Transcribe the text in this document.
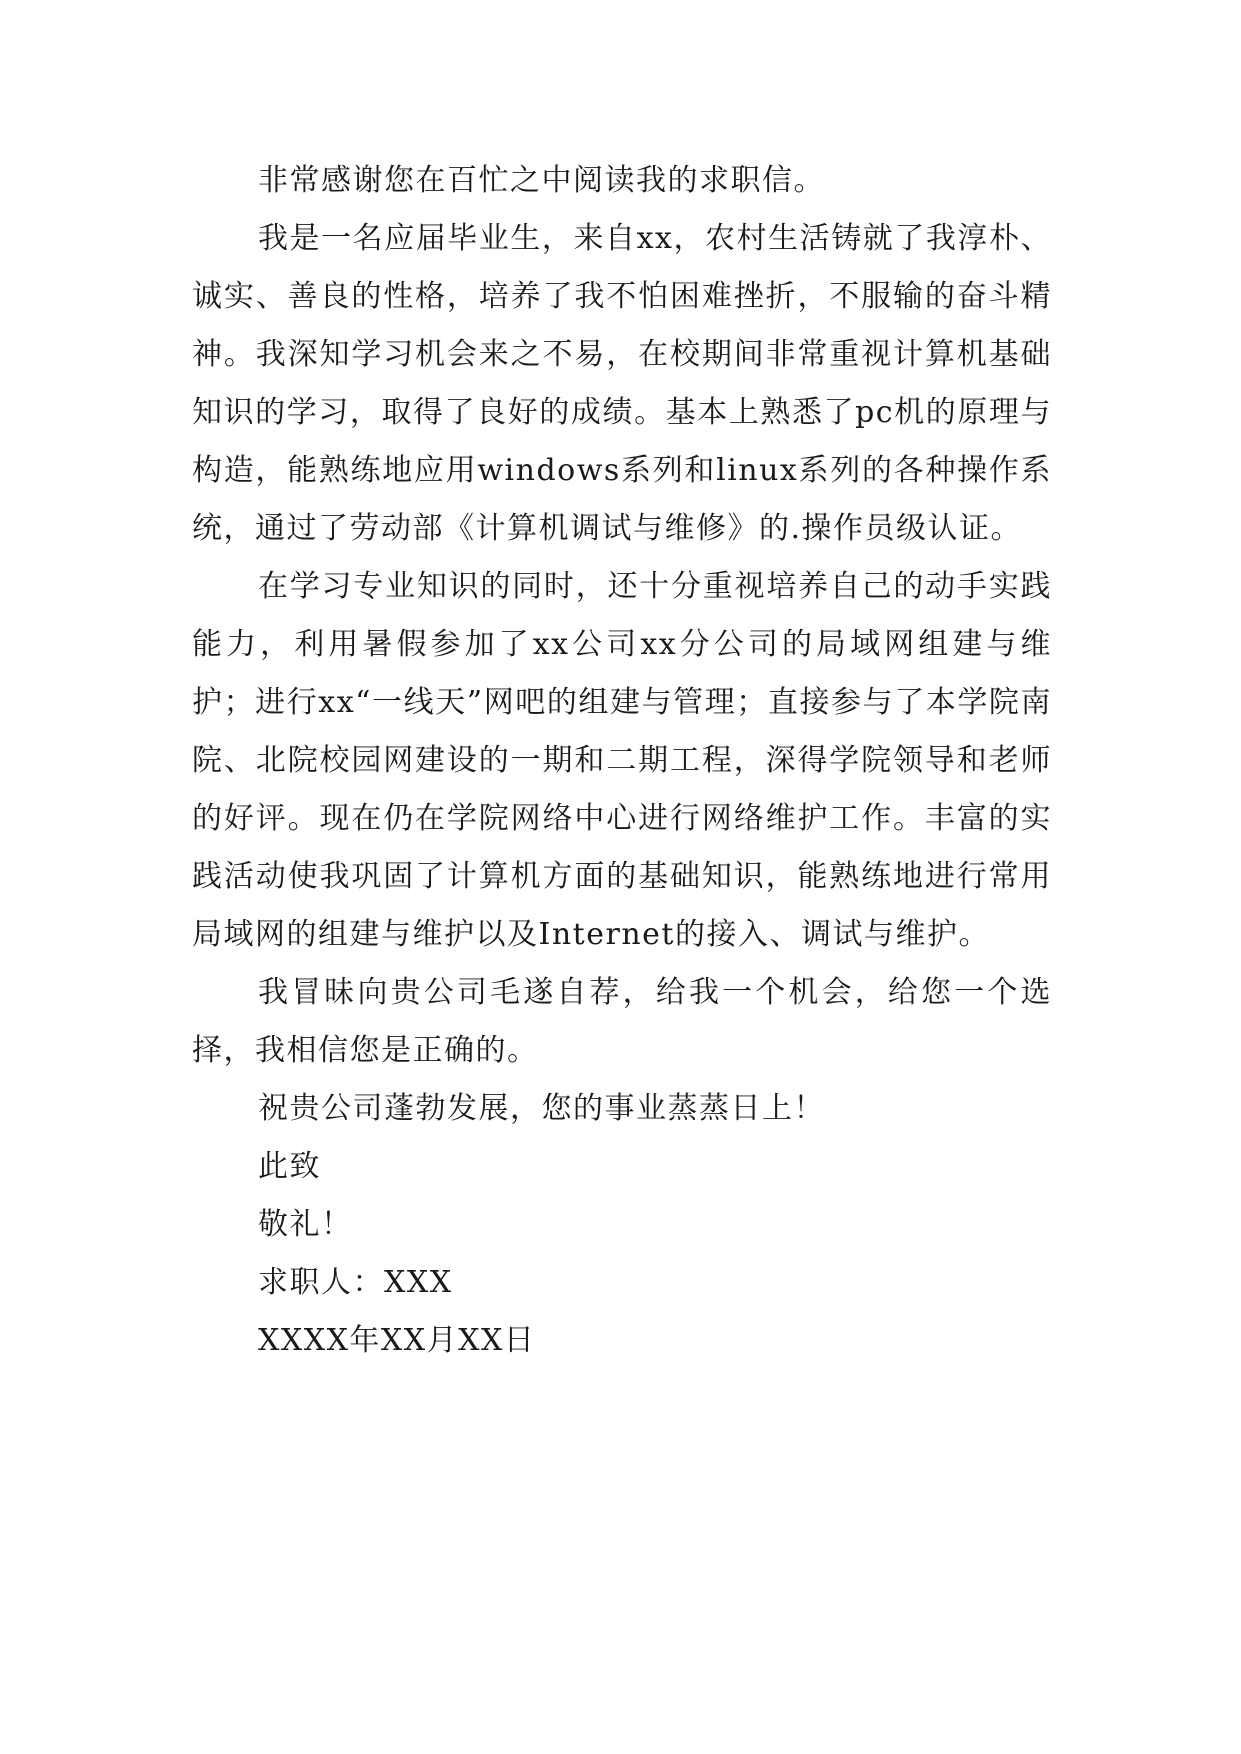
非常感谢您在百忙之中阅读我的求职信。

我是一名应届毕业生，来自xx，农村生活铸就了我淳朴、诚实、善良的性格，培养了我不怕困难挫折，不服输的奋斗精神。我深知学习机会来之不易，在校期间非常重视计算机基础知识的学习，取得了良好的成绩。基本上熟悉了pc机的原理与构造，能熟练地应用windows系列和linux系列的各种操作系统，通过了劳动部《计算机调试与维修》的.操作员级认证。

在学习专业知识的同时，还十分重视培养自己的动手实践能力，利用暑假参加了xx公司xx分公司的局域网组建与维护；进行xx“一线天”网吧的组建与管理；直接参与了本学院南院、北院校园网建设的一期和二期工程，深得学院领导和老师的好评。现在仍在学院网络中心进行网络维护工作。丰富的实践活动使我巩固了计算机方面的基础知识，能熟练地进行常用局域网的组建与维护以及Internet的接入、调试与维护。

我冒昧向贵公司毛遂自荐，给我一个机会，给您一个选择，我相信您是正确的。

祝贵公司蓬勃发展，您的事业蒸蒸日上！

此致

敬礼！

求职人：XXX

XXXX年XX月XX日
